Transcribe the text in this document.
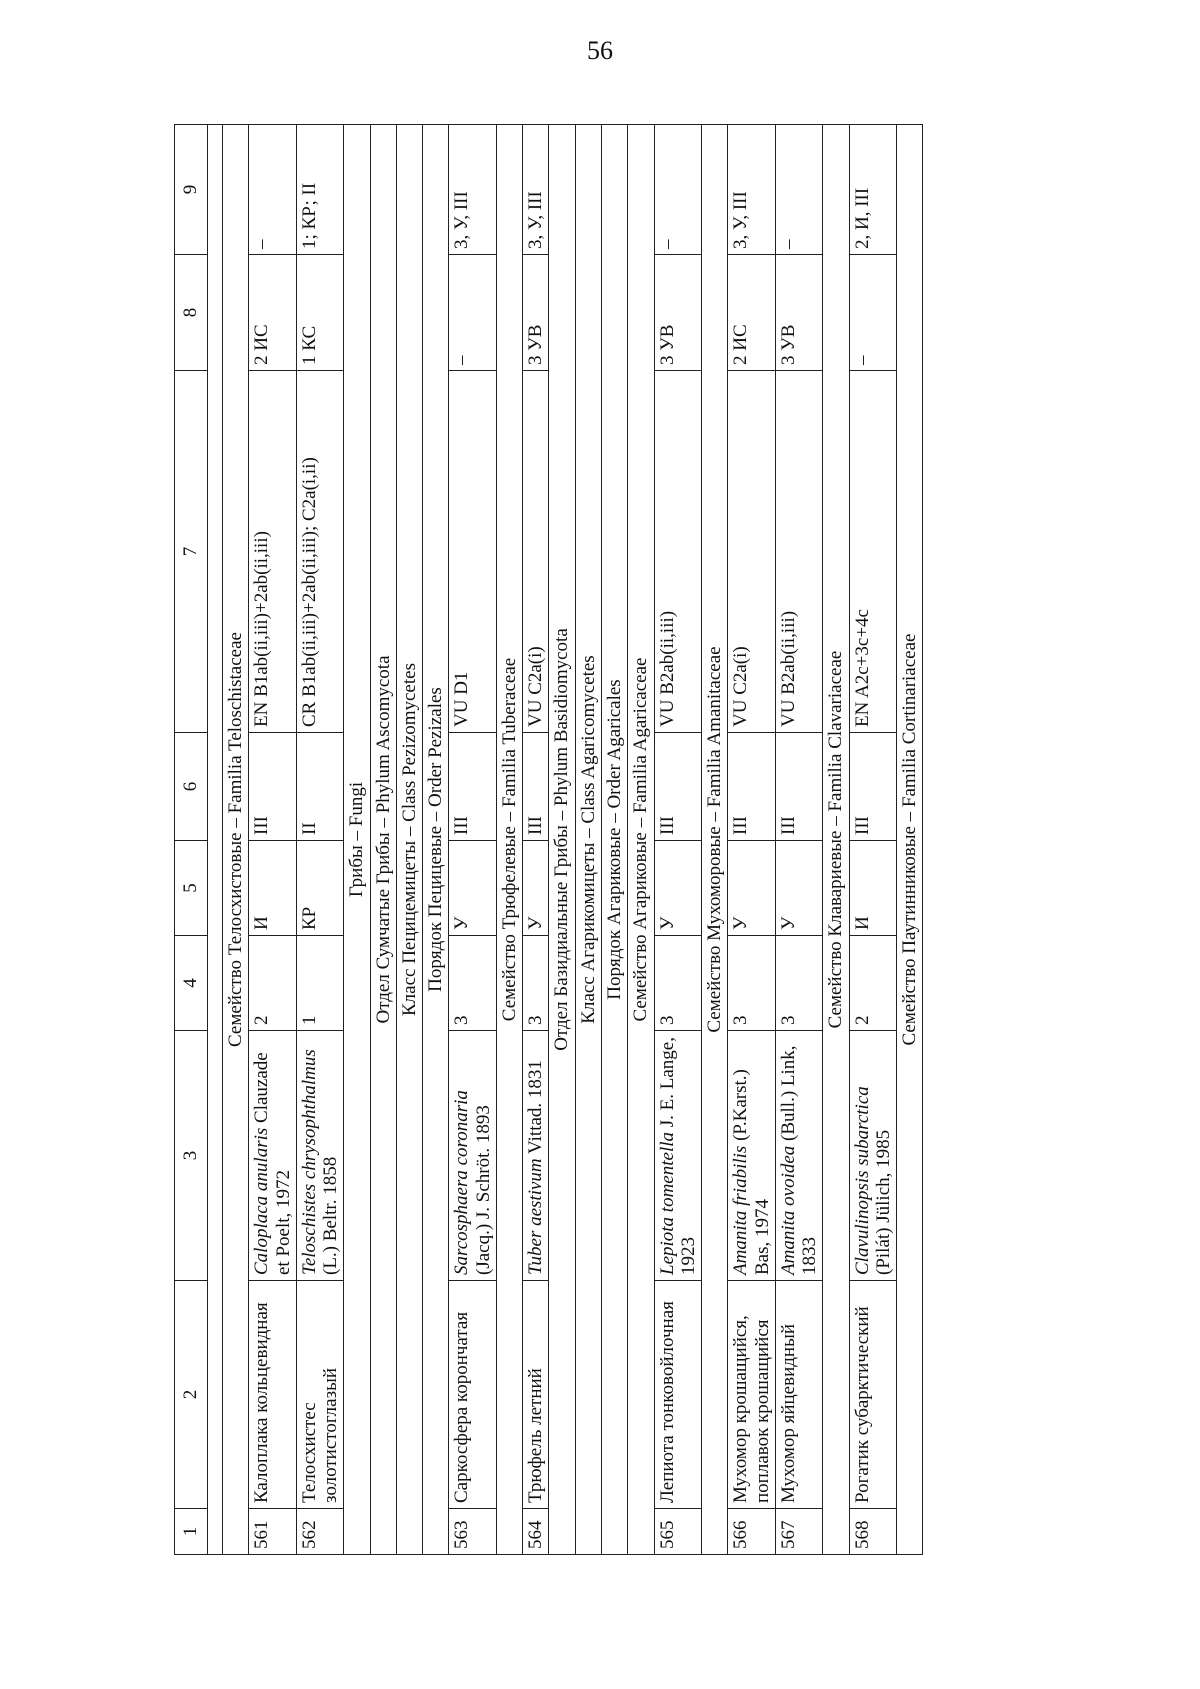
56
1	2	3	4	5	6	7	8	9

Семейство Телосхистовые – Familia Teloschistaceae								
561	Калоплака кольцевидная	Caloplaca anularis Clauzade et Poelt, 1972	2	И	III	EN B1ab(ii,iii)+2ab(ii,iii)	2 ИС	–
562	Телосхистес золотистоглазый	Teloschistes chrysophthalmus (L.) Beltr. 1858	1	КР	II	CR B1ab(ii,iii)+2ab(ii,iii); C2a(i,ii)	1 КС	1; КР; II
Грибы – Fungi								
Отдел Сумчатые Грибы – Phylum Ascomycota								
Класс Пецицемицеты – Class Pezizomycetes								
Порядок Пецицевые – Order Pezizales								
563	Саркосфера корончатая	Sarcosphaera coronaria (Jacq.) J. Schröt. 1893	3	У	III	VU D1	–	3, У, III
Семейство Трюфелевые – Familia Tuberaceae								
564	Трюфель летний	Tuber aestivum Vittad. 1831	3	У	III	VU C2a(i)	3 УВ	3, У, III
Отдел Базидиальные Грибы – Phylum Basidiomycota								
Класс Агарикомицеты – Class Agaricomycetes								
Порядок Агариковые – Order Agaricales								
Семейство Агариковые – Familia Agaricaceae								
565	Лепиота тонковойлочная	Lepiota tomentella J. E. Lange, 1923	3	У	III	VU B2ab(ii,iii)	3 УВ	–
Семейство Мухоморовые – Familia Amanitaceae								
566	Мухомор крошащийся, поплавок крошащийся	Amanita friabilis (P.Karst.) Bas, 1974	3	У	III	VU C2a(i)	2 ИС	3, У, III
567	Мухомор яйцевидный	Amanita ovoidea (Bull.) Link, 1833	3	У	III	VU B2ab(ii,iii)	3 УВ	–
Семейство Клавариевые – Familia Clavariaceae								
568	Рогатик субарктический	Clavulinopsis subarctica (Pilát) Jülich, 1985	2	И	III	EN A2c+3c+4c	–	2, И, III
Семейство Паутинниковые – Familia Cortinariaceae								
